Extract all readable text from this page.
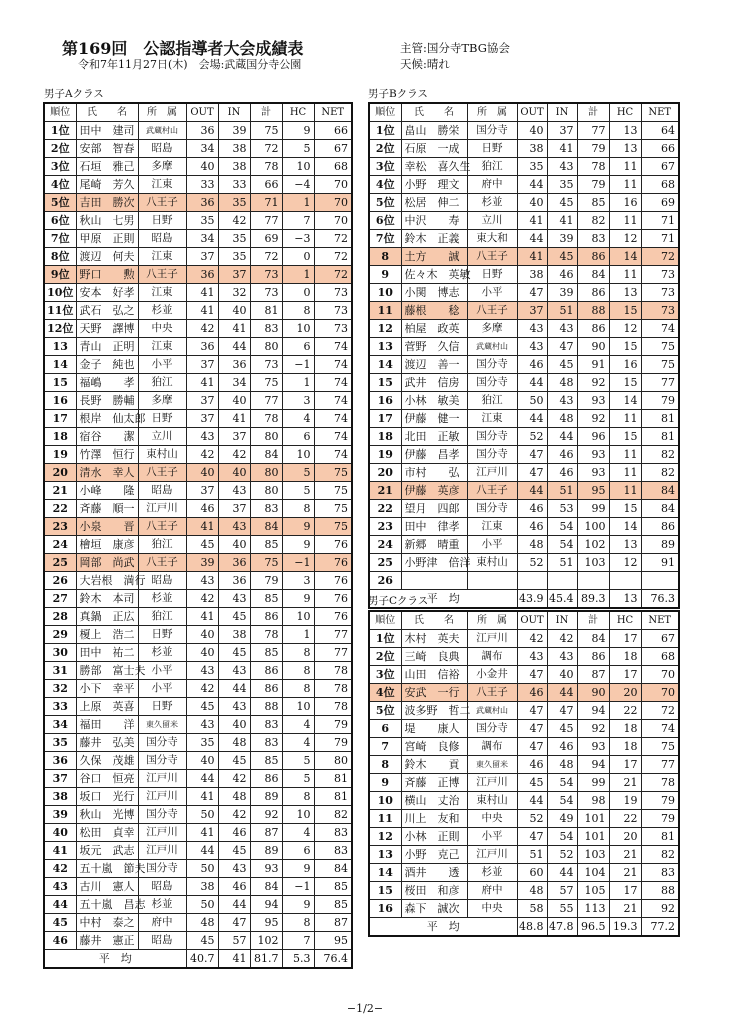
第169回　公認指導者大会成績表
令和7年11月27日(木)　会場:武蔵国分寺公園
主管:国分寺TBG協会
天候:晴れ
男子Aクラス	男子Bクラス
男子Cクラス
順位	氏　　名	所　属	OUT	IN	計	HC	NET
1位	田中　建司	武蔵村山	36	39	75	9	66
2位	安部　智春	昭島	34	38	72	5	67
3位	石垣　雅己	多摩	40	38	78	10	68
4位	尾崎　芳久	江東	33	33	66	−4	70
5位	吉田　勝次	八王子	36	35	71	1	70
6位	秋山　七男	日野	35	42	77	7	70
7位	甲原　正則	昭島	34	35	69	−3	72
8位	渡辺　何夫	江東	37	35	72	0	72
9位	野口　　勲	八王子	36	37	73	1	72
10位	安本　好孝	江東	41	32	73	0	73
11位	武石　弘之	杉並	41	40	81	8	73
12位	天野　譯博	中央	42	41	83	10	73
13	青山　正明	江東	36	44	80	6	74
14	金子　純也	小平	37	36	73	−1	74
15	福嶋　　孝	狛江	41	34	75	1	74
16	長野　勝輔	多摩	37	40	77	3	74
17	根岸　仙太郎	日野	37	41	78	4	74
18	宿谷　　潔	立川	43	37	80	6	74
19	竹澤　恒行	東村山	42	42	84	10	74
20	清水　幸人	八王子	40	40	80	5	75
21	小峰　　隆	昭島	37	43	80	5	75
22	斉藤　順一	江戸川	46	37	83	8	75
23	小泉　　晋	八王子	41	43	84	9	75
24	檜垣　康彦	狛江	45	40	85	9	76
25	岡部　尚武	八王子	39	36	75	−1	76
26	大岩根　満行	昭島	43	36	79	3	76
27	鈴木　本司	杉並	42	43	85	9	76
28	真鍋　正広	狛江	41	45	86	10	76
29	榎上　浩二	日野	40	38	78	1	77
30	田中　祐二	杉並	40	45	85	8	77
31	勝部　富士夫	小平	43	43	86	8	78
32	小下　幸平	小平	42	44	86	8	78
33	上原　英喜	日野	45	43	88	10	78
34	福田　　洋	東久留米	43	40	83	4	79
35	藤井　弘美	国分寺	35	48	83	4	79
36	久保　茂雄	国分寺	40	45	85	5	80
37	谷口　恒亮	江戸川	44	42	86	5	81
38	坂口　光行	江戸川	41	48	89	8	81
39	秋山　光博	国分寺	50	42	92	10	82
40	松田　貞幸	江戸川	41	46	87	4	83
41	坂元　武志	江戸川	44	45	89	6	83
42	五十嵐　節夫	国分寺	50	43	93	9	84
43	古川　憲人	昭島	38	46	84	−1	85
44	五十嵐　昌志	杉並	50	44	94	9	85
45	中村　泰之	府中	48	47	95	8	87
46	藤井　憲正	昭島	45	57	102	7	95
平　均			40.7	41	81.7	5.3	76.4
順位	氏　　名	所　属	OUT	IN	計	HC	NET
1位	畠山　勝栄	国分寺	40	37	77	13	64
2位	石原　一成	日野	38	41	79	13	66
3位	幸松　喜久生	狛江	35	43	78	11	67
4位	小野　理文	府中	44	35	79	11	68
5位	松居　伸二	杉並	40	45	85	16	69
6位	中沢　　寿	立川	41	41	82	11	71
7位	鈴木　正義	東大和	44	39	83	12	71
8	土方　　誠	八王子	41	45	86	14	72
9	佐々木　英敏	日野	38	46	84	11	73
10	小関　博志	小平	47	39	86	13	73
11	藤根　　稔	八王子	37	51	88	15	73
12	柏屋　政英	多摩	43	43	86	12	74
13	菅野　久信	武蔵村山	43	47	90	15	75
14	渡辺　善一	国分寺	46	45	91	16	75
15	武井　信房	国分寺	44	48	92	15	77
16	小林　敏美	狛江	50	43	93	14	79
17	伊藤　健一	江東	44	48	92	11	81
18	北田　正敏	国分寺	52	44	96	15	81
19	伊藤　昌孝	国分寺	47	46	93	11	82
20	市村　　弘	江戸川	47	46	93	11	82
21	伊藤　英彦	八王子	44	51	95	11	84
22	望月　四郎	国分寺	46	53	99	15	84
23	田中　律孝	江東	46	54	100	14	86
24	新郷　晴重	小平	48	54	102	13	89
25	小野津　倍洋	東村山	52	51	103	12	91
26							
平　均			43.9	45.4	89.3	13	76.3
順位	氏　　名	所　属	OUT	IN	計	HC	NET
1位	木村　英夫	江戸川	42	42	84	17	67
2位	三崎　良典	調布	43	43	86	18	68
3位	山田　信裕	小金井	47	40	87	17	70
4位	安武　一行	八王子	46	44	90	20	70
5位	波多野　哲二	武蔵村山	47	47	94	22	72
6	堤　　康人	国分寺	47	45	92	18	74
7	宮崎　良修	調布	47	46	93	18	75
8	鈴木　　貢	東久留米	46	48	94	17	77
9	斉藤　正博	江戸川	45	54	99	21	78
10	横山　丈治	東村山	44	54	98	19	79
11	川上　友和	中央	52	49	101	22	79
12	小林　正則	小平	47	54	101	20	81
13	小野　克己	江戸川	51	52	103	21	82
14	酒井　　透	杉並	60	44	104	21	83
15	桜田　和彦	府中	48	57	105	17	88
16	森下　誠次	中央	58	55	113	21	92
平　均			48.8	47.8	96.5	19.3	77.2
−1/2−
